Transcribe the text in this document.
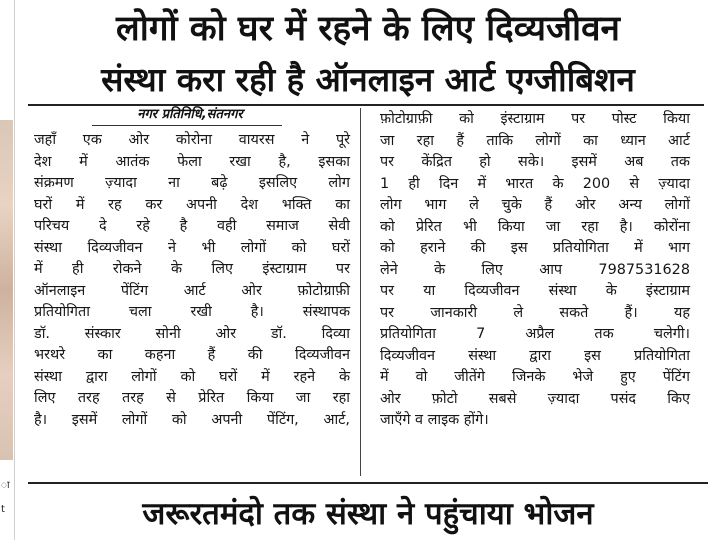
ा t
लोगों को घर में रहने के लिए दिव्यजीवन
संस्था करा रही है ऑनलाइन आर्ट एग्जीबिशन
नगर प्रतिनिधि,संतनगर
जहाँ एक ओर कोरोना वायरस ने पूरे
देश में आतंक फेला रखा है, इसका
संक्रमण ज़्यादा ना बढ़े इसलिए लोग
घरों में रह कर अपनी देश भक्ति का
परिचय दे रहे है वही समाज सेवी
संस्था दिव्यजीवन ने भी लोगों को घरों
में ही रोकने के लिए इंस्टाग्राम पर
ऑनलाइन पेंटिंग आर्ट ओर फ़ोटोग्राफ़ी
प्रतियोगिता चला रखी है। संस्थापक
डॉ. संस्कार सोनी ओर डॉ. दिव्या
भरथरे का कहना हैं की दिव्यजीवन
संस्था द्वारा लोगों को घरों में रहने के
लिए तरह तरह से प्रेरित किया जा रहा
है। इसमें लोगों को अपनी पेंटिंग, आर्ट,
फ़ोटोग्राफ़ी को इंस्टाग्राम पर पोस्ट किया
जा रहा हैं ताकि लोगों का ध्यान आर्ट
पर केंद्रित हो सके। इसमें अब तक
1 ही दिन में भारत के 200 से ज़्यादा
लोग भाग ले चुके हैं ओर अन्य लोगों
को प्रेरित भी किया जा रहा है। कोरोंना
को हराने की इस प्रतियोगिता में भाग
लेने के लिए आप 7987531628
पर या दिव्यजीवन संस्था के इंस्टाग्राम
पर जानकारी ले सकते हैं। यह
प्रतियोगिता 7 अप्रैल तक चलेगी।
दिव्यजीवन संस्था द्वारा इस प्रतियोगिता
में वो जीतेंगे जिनके भेजे हुए पेंटिंग
ओर फ़ोटो सबसे ज़्यादा पसंद किए
जाएँगे व लाइक होंगे।
जरूरतमंदो तक संस्था ने पहुंचाया भोजन
